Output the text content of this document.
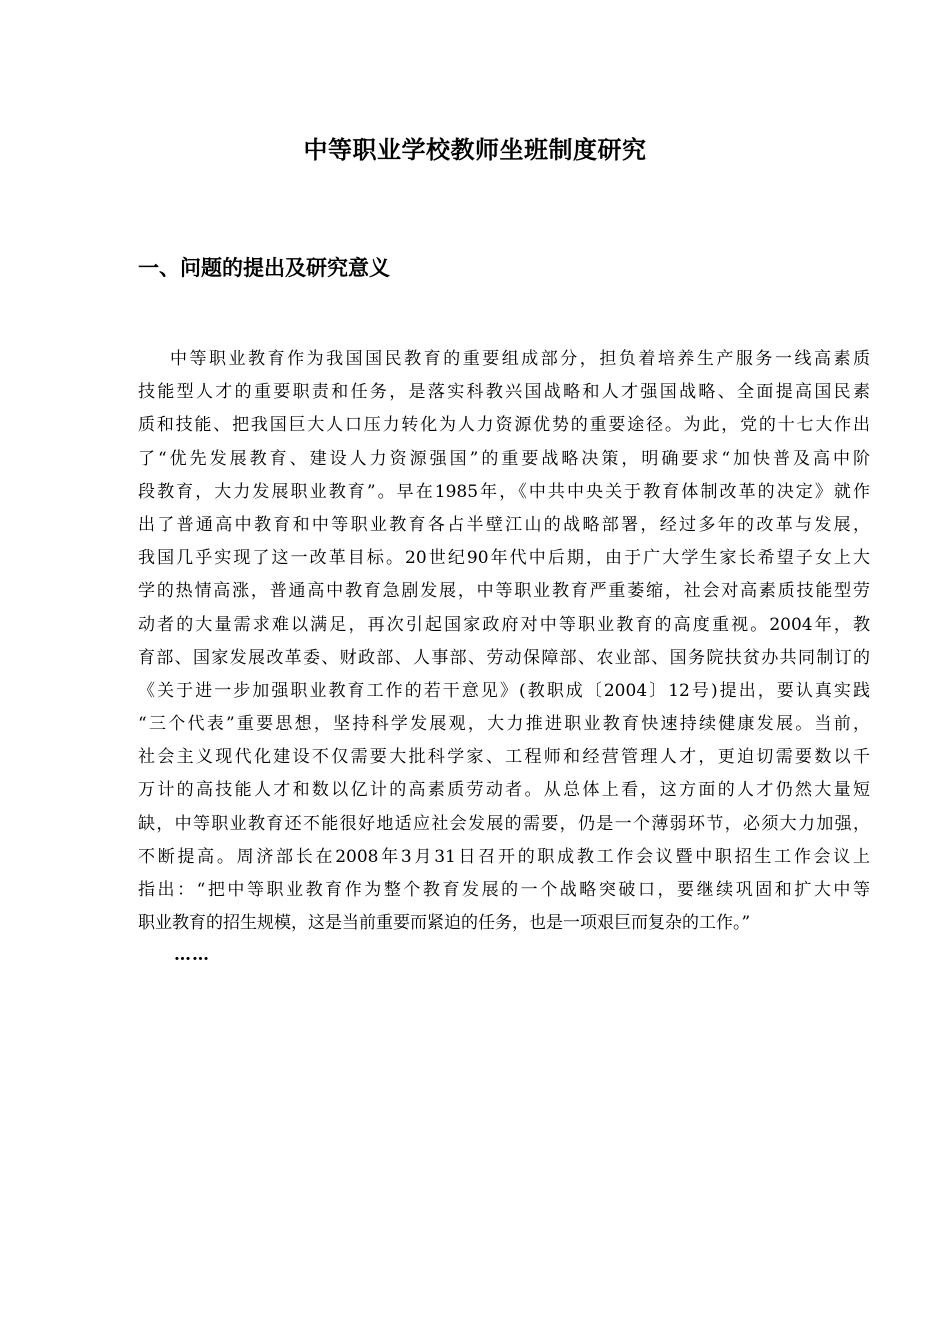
中等职业学校教师坐班制度研究
一、问题的提出及研究意义
中等职业教育作为我国国民教育的重要组成部分，担负着培养生产服务一线高素质
技能型人才的重要职责和任务，是落实科教兴国战略和人才强国战略、全面提高国民素
质和技能、把我国巨大人口压力转化为人力资源优势的重要途径。为此，党的十七大作出
了“优先发展教育、建设人力资源强国”的重要战略决策，明确要求“加快普及高中阶
段教育，大力发展职业教育”。早在1985年，《中共中央关于教育体制改革的决定》就作
出了普通高中教育和中等职业教育各占半壁江山的战略部署，经过多年的改革与发展，
我国几乎实现了这一改革目标。20世纪90年代中后期，由于广大学生家长希望子女上大
学的热情高涨，普通高中教育急剧发展，中等职业教育严重萎缩，社会对高素质技能型劳
动者的大量需求难以满足，再次引起国家政府对中等职业教育的高度重视。2004年，教
育部、国家发展改革委、财政部、人事部、劳动保障部、农业部、国务院扶贫办共同制订的
《关于进一步加强职业教育工作的若干意见》(教职成〔2004〕12号)提出，要认真实践
“三个代表”重要思想，坚持科学发展观，大力推进职业教育快速持续健康发展。当前，
社会主义现代化建设不仅需要大批科学家、工程师和经营管理人才，更迫切需要数以千
万计的高技能人才和数以亿计的高素质劳动者。从总体上看，这方面的人才仍然大量短
缺，中等职业教育还不能很好地适应社会发展的需要，仍是一个薄弱环节，必须大力加强，
不断提高。周济部长在2008年3月31日召开的职成教工作会议暨中职招生工作会议上
指出：“把中等职业教育作为整个教育发展的一个战略突破口，要继续巩固和扩大中等
职业教育的招生规模，这是当前重要而紧迫的任务，也是一项艰巨而复杂的工作。”
……
